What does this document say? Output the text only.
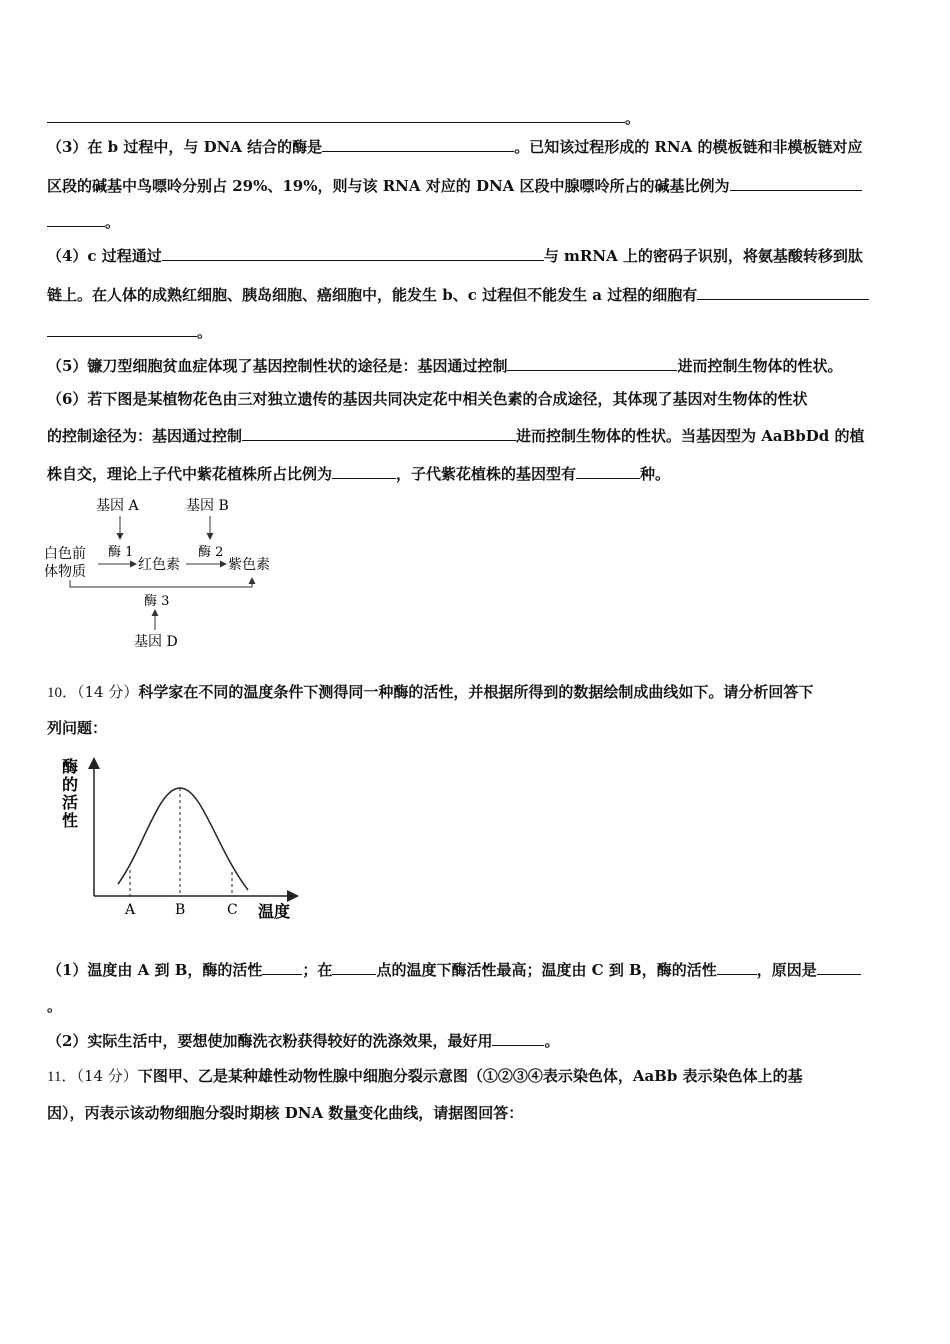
。
（3）在 b 过程中，与 DNA 结合的酶是	。已知该过程形成的 RNA 的模板链和非模板链对应
区段的碱基中鸟嘌呤分别占 29%、19%，则与该 RNA 对应的 DNA 区段中腺嘌呤所占的碱基比例为
。
（4）c 过程通过	与 mRNA 上的密码子识别，将氨基酸转移到肽
链上。在人体的成熟红细胞、胰岛细胞、癌细胞中，能发生 b、c 过程但不能发生 a 过程的细胞有
。
（5）镰刀型细胞贫血症体现了基因控制性状的途径是：基因通过控制	进而控制生物体的性状。
（6）若下图是某植物花色由三对独立遗传的基因共同决定花中相关色素的合成途径，其体现了基因对生物体的性状
的控制途径为：基因通过控制	进而控制生物体的性状。当基因型为 AaBbDd 的植
株自交，理论上子代中紫花植株所占比例为	，子代紫花植株的基因型有	种。
基因 A	基因 B
酶 1	酶 2
白色前
体物质	红色素	紫色素
酶 3
基因 D
10．（14 分）科学家在不同的温度条件下测得同一种酶的活性，并根据所得到的数据绘制成曲线如下。请分析回答下
列问题：
酶
的
活
性
A	B	C 温度
（1）温度由 A 到 B，酶的活性	；在	点的温度下酶活性最高；温度由 C 到 B，酶的活性	，原因是
。
（2）实际生活中，要想使加酶洗衣粉获得较好的洗涤效果，最好用	。
11．（14 分）下图甲、乙是某种雄性动物性腺中细胞分裂示意图（①②③④表示染色体，AaBb 表示染色体上的基
因），丙表示该动物细胞分裂时期核 DNA 数量变化曲线，请据图回答：
